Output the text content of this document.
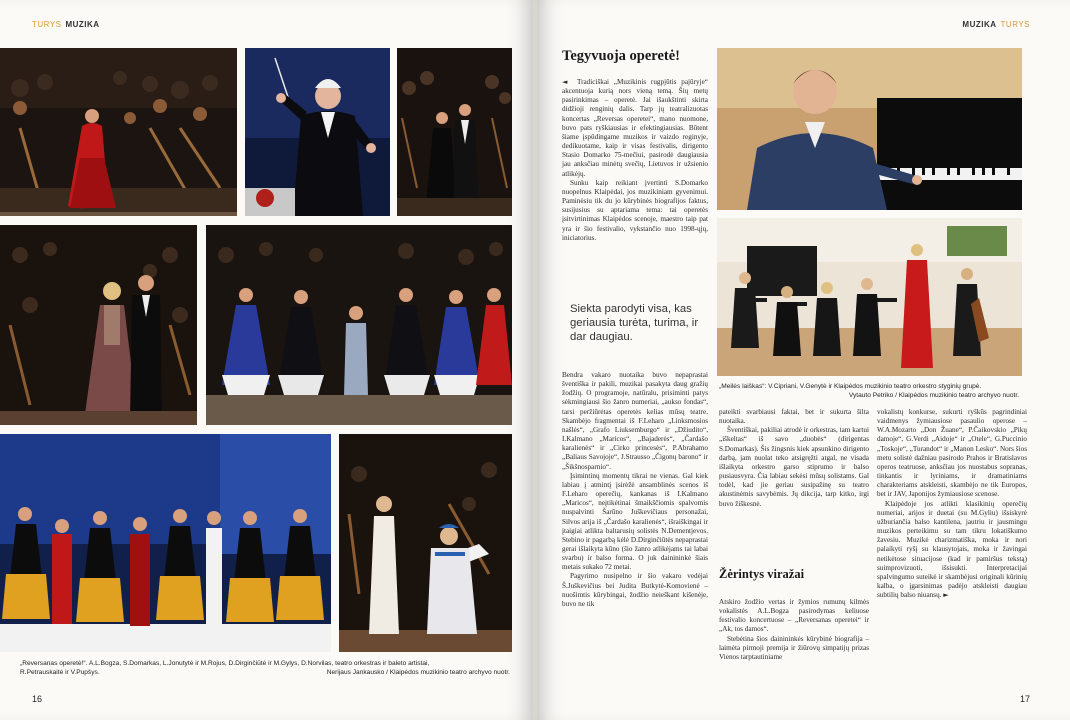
TURYS MUZIKA
„Reversanas operetė!“. A.L.Bogza, S.Domarkas, L.Jonutytė ir M.Rojus, D.Dirginčiūtė ir M.Gylys, D.Norvilas, teatro orkestras ir baleto artistai,
R.Petrauskaitė ir V.Pupšys.	Nerijaus Jankausko / Klaipėdos muzikinio teatro archyvo nuotr.
16
MUZIKA TURYS
Tegyvuoja operetė!

◄ Tradiciškai „Muzikinis rugpjūtis pajūryje“ akcentuoja kurią nors vieną temą. Šių metų pasirinkimas – operetė. Jai išaukštinti skirta didžioji renginių dalis. Tarp jų teatralizuotas koncertas „Reversas operetei“, mano nuomone, buvo pats ryškiausias ir efektingiausias. Būtent šiame įspūdingame muzikos ir vaizdo reginyje, dedikuotame, kaip ir visas festivalis, dirigento Stasio Domarko 75-mečiui, pasirodė daugiausia jau anksčiau minėtų svečių, Lietuvos ir užsienio atlikėjų.

Sunku kaip reikiant įvertinti S.Domarko nuopelnus Klaipėdai, jos muzikiniam gyvenimui. Paminėsiu tik du jo kūrybinės biografijos faktus, susijusius su aptariama tema: tai operetės įsitvirtinimas Klaipėdos scenoje, maestro taip pat yra ir šio festivalio, vykstančio nuo 1998-ųjų, iniciatorius.

Siekta parodyti visa, kas geriausia turėta, turima, ir dar daugiau.

Bendra vakaro nuotaika buvo nepaprastai šventiška ir pakili, muzikai pasakyta daug gražių žodžių. O programoje, natūralu, prisiminti patys sėkmingiausi šio žanro numeriai, „aukso fondas“, tarsi peržiūrėtas operetės kelias mūsų teatre. Skambėjo fragmentai iš F.Leharo „Linksmosios našlės“, „Grafo Liuksemburgo“ ir „Džiudito“, I.Kalmano „Maricos“, „Bajaderės“, „Čardašo karalienės“ ir „Cirko princesės“, P.Abrahamo „Baliaus Savojoje“, J.Strausso „Čigonų barono“ ir „Šikšnosparnio“.

Įsimintinų momentų tikrai ne vienas. Gal kiek labiau į atmintį įsirėžė ansamblinės scenos iš F.Leharo operečių, kankanas iš I.Kalmano „Maricos“, neįtikėtinai šmaikščiomis spalvomis nuspalvinti Šarūno Juškevičiaus personažai, Silvos arija iš „Čardašo karalienės“, išraiškingai ir įtaigiai atlikta baltarusių solistės N.Dementjevos. Stebino ir pagarbą kėlė D.Dirginčiūtės nepaprastai gerai išlaikyta kūno (šio žanro atlikėjams tai labai svarbu) ir balso forma. O juk dainininkė šiais metais sukako 72 metai.

Pagyrimo nusipelno ir šio vakaro vedėjai Š.Juškevičius bei Judita Butkytė-Komovienė – nuošimtis kūrybingai, žodžio neieškant kišenėje, buvo ne tik

„Meilės laiškas“: V.Cipriani, V.Genytė ir Klaipėdos muzikinio teatro orkestro styginių grupė.
Vytauto Petriko / Klaipėdos muzikinio teatro archyvo nuotr.

pateikti svarbiausi faktai, bet ir sukurta šilta nuotaika.

Šventiškai, pakiliai atrodė ir orkestras, tam kartui „iškeltas“ iš savo „duobės“ (dirigentas S.Domarkas). Šis žingsnis kiek apsunkino dirigento darbą, jam nuolat teko atsigręžti atgal, ne visada išlaikyta orkestro garso stiprumo ir balso pusiausvyra. Čia labiau sekėsi mūsų solistams. Gal todėl, kad jie geriau susipažinę su teatro akustinėmis savybėmis. Jų dikcija, tarp kitko, irgi buvo žiškesnė.

Žėrintys viražai

Atskiro žodžio vertas ir žymios rumunų kilmės vokalistės A.L.Bogza pasirodymas keliuose festivalio koncertuose – „Reversanas operetei“ ir „Ak, tos damos“.

Stebėtina šios dainininkės kūrybinė biografija – laimėta pirmoji premija ir žiūrovų simpatijų prizas Vienos tarptautiniame

vokalistų konkurse, sukurti ryškūs pagrindiniai vaidmenys žymiausiose pasaulio operose – W.A.Mozarto „Don Žuane“, P.Čaikovskio „Pikų damoje“, G.Verdi „Aidoje“ ir „Otele“, G.Puccinio „Toskoje“, „Turandot“ ir „Manon Lesko“. Nors šios metu solistė dažniau pasirodo Prahos ir Bratislavos operos teatruose, anksčiau jos nuostabus sopranas, tinkantis ir lyriniams, ir dramatiniams charakteriams atskleisti, skambėjo ne tik Europos, bet ir JAV, Japonijos žymiausiose scenose.

Klaipėdoje jos atlikti klasikinių operečių numeriai, arijos ir duetai (su M.Gyliu) išsiskyrė užburiančia balso kantilena, jautriu ir jausmingu muzikos perteikimu su tam tikru lokatiškumo žavesiu. Muzikė charizmatiška, moka ir nori palaikyti ryšį su klausytojais, moka ir žavingai netikėtose situacijose (kad ir pamiršus tekstą) suimprovizuoti, išsisukti. Interpretacijai spalvingumo suteikė ir skambėjusi originali kūrinių kalba, o įgarsinimas padėjo atskleisti daugiau subtilių balso niuansų. ►

17
